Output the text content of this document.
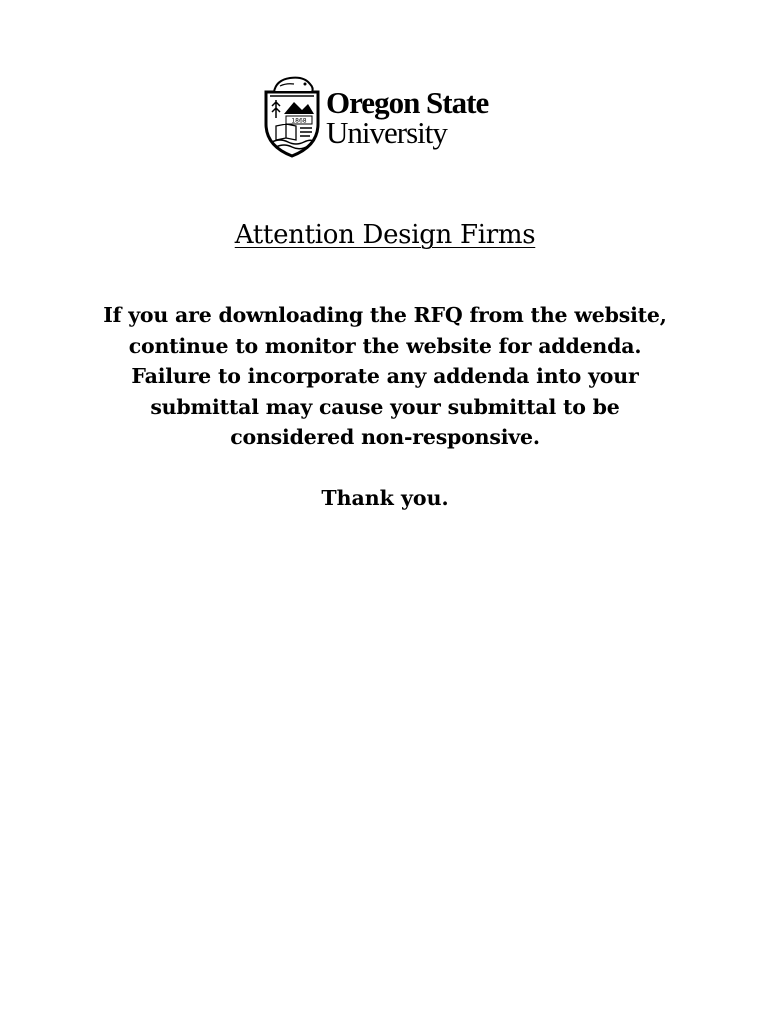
1868
Oregon State
University
Attention Design Firms
If you are downloading the RFQ from the website,
continue to monitor the website for addenda.
Failure to incorporate any addenda into your
submittal may cause your submittal to be
considered non-responsive.
Thank you.
